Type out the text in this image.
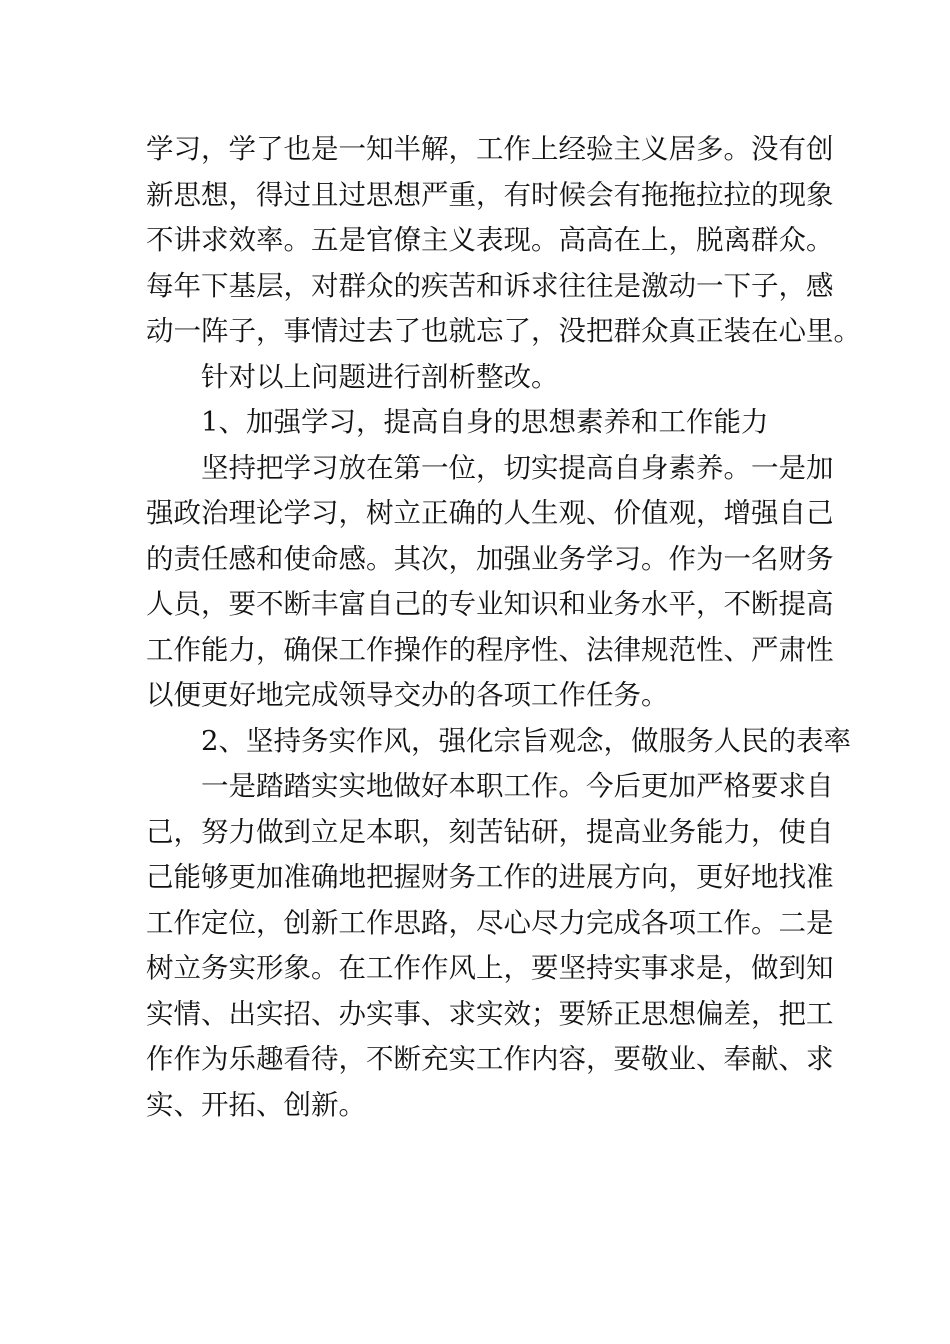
学习，学了也是一知半解，工作上经验主义居多。没有创
新思想，得过且过思想严重，有时候会有拖拖拉拉的现象
不讲求效率。五是官僚主义表现。高高在上，脱离群众。
每年下基层，对群众的疾苦和诉求往往是激动一下子，感
动一阵子，事情过去了也就忘了，没把群众真正装在心里。
针对以上问题进行剖析整改。
1、加强学习，提高自身的思想素养和工作能力
坚持把学习放在第一位，切实提高自身素养。一是加
强政治理论学习，树立正确的人生观、价值观，增强自己
的责任感和使命感。其次，加强业务学习。作为一名财务
人员，要不断丰富自己的专业知识和业务水平，不断提高
工作能力，确保工作操作的程序性、法律规范性、严肃性
以便更好地完成领导交办的各项工作任务。
2、坚持务实作风，强化宗旨观念，做服务人民的表率
一是踏踏实实地做好本职工作。今后更加严格要求自
己，努力做到立足本职，刻苦钻研，提高业务能力，使自
己能够更加准确地把握财务工作的进展方向，更好地找准
工作定位，创新工作思路，尽心尽力完成各项工作。二是
树立务实形象。在工作作风上，要坚持实事求是，做到知
实情、出实招、办实事、求实效；要矫正思想偏差，把工
作作为乐趣看待，不断充实工作内容，要敬业、奉献、求
实、开拓、创新。
